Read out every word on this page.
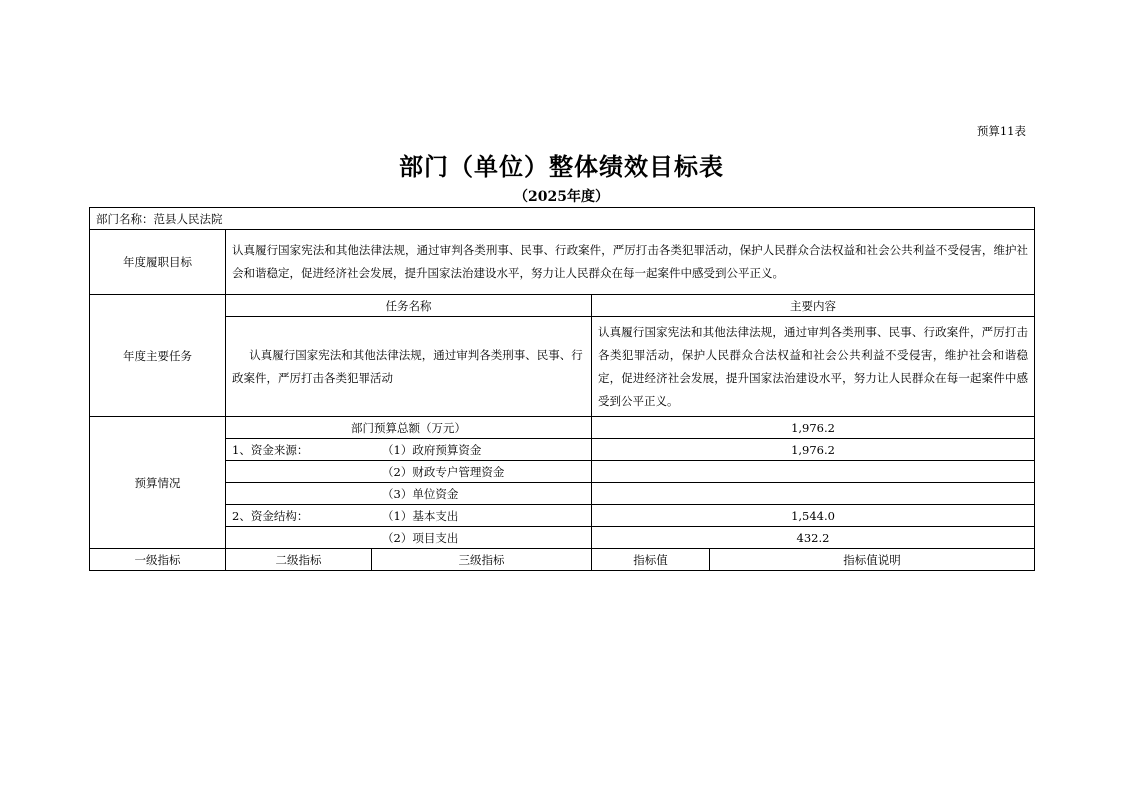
预算11表
部门（单位）整体绩效目标表
（2025年度）
部门名称：范县人民法院				
年度履职目标	认真履行国家宪法和其他法律法规，通过审判各类刑事、民事、行政案件，严厉打击各类犯罪活动，保护人民群众合法权益和社会公共利益不受侵害，维护社会和谐稳定，促进经济社会发展，提升国家法治建设水平，努力让人民群众在每一起案件中感受到公平正义。			
年度主要任务	任务名称		主要内容	
	认真履行国家宪法和其他法律法规，通过审判各类刑事、民事、行政案件，严厉打击各类犯罪活动		认真履行国家宪法和其他法律法规，通过审判各类刑事、民事、行政案件，严厉打击各类犯罪活动，保护人民群众合法权益和社会公共利益不受侵害，维护社会和谐稳定，促进经济社会发展，提升国家法治建设水平，努力让人民群众在每一起案件中感受到公平正义。	
预算情况	部门预算总额（万元）		1,976.2	
	1、资金来源： （1）政府预算资金		1,976.2	
	（2）财政专户管理资金			
	（3）单位资金			
	2、资金结构： （1）基本支出		1,544.0	
	（2）项目支出		432.2	
一级指标	二级指标	三级指标	指标值	指标值说明
